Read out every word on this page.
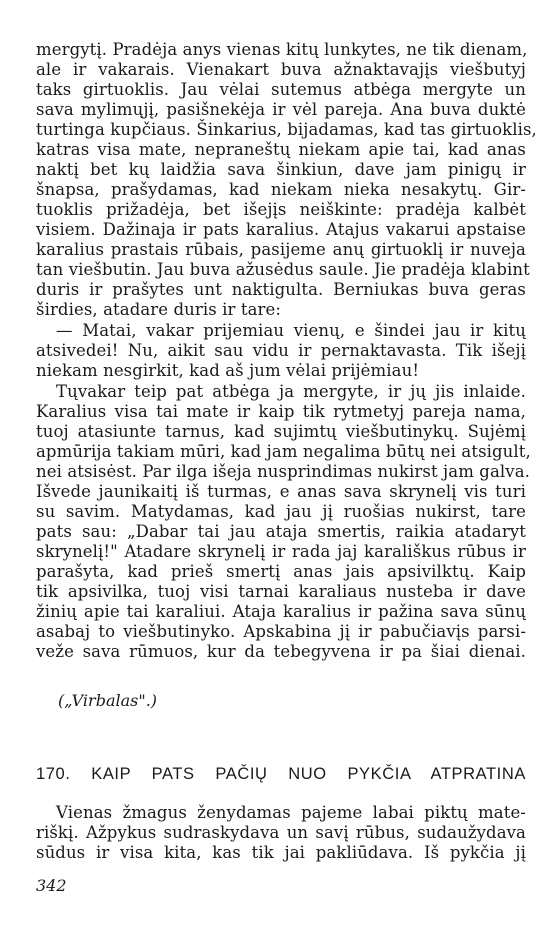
mergytį. Pradėja anys vienas kitų lunkytes, ne tik dienam,
ale ir vakarais. Vienakart buva ažnaktavajįs viešbutyj
taks girtuoklis. Jau vėlai sutemus atbėga mergyte un
sava mylimųjį, pasišnekėja ir vėl pareja. Ana buva duktė
turtinga kupčiaus. Šinkarius, bijadamas, kad tas girtuoklis,
katras visa mate, nepraneštų niekam apie tai, kad anas
naktį bet kų laidžia sava šinkiun, dave jam pinigų ir
šnapsa, prašydamas, kad niekam nieka nesakytų. Gir-
tuoklis prižadėja, bet išejįs neiškinte: pradėja kalbėt
visiem. Dažinaja ir pats karalius. Atajus vakarui apstaise
karalius prastais rūbais, pasijeme anų girtuoklį ir nuveja
tan viešbutin. Jau buva ažusėdus saule. Jie pradėja klabint
duris ir prašytes unt naktigulta. Berniukas buva geras
širdies, atadare duris ir tare:
— Matai, vakar prijemiau vienų, e šindei jau ir kitų
atsivedei! Nu, aikit sau vidu ir pernaktavasta. Tik išejį
niekam nesgirkit, kad aš jum vėlai prijėmiau!
Tųvakar teip pat atbėga ja mergyte, ir jų jis inlaide.
Karalius visa tai mate ir kaip tik rytmetyj pareja nama,
tuoj atasiunte tarnus, kad sujimtų viešbutinykų. Sujėmį
apmūrija takiam mūri, kad jam negalima būtų nei atsigult,
nei atsisėst. Par ilga išeja nusprindimas nukirst jam galva.
Išvede jaunikaitį iš turmas, e anas sava skrynelį vis turi
su savim. Matydamas, kad jau jį ruošias nukirst, tare
pats sau: „Dabar tai jau ataja smertis, raikia atadaryt
skrynelį!" Atadare skrynelį ir rada jaj karališkus rūbus ir
parašyta, kad prieš smertį anas jais apsivilktų. Kaip
tik apsivilka, tuoj visi tarnai karaliaus nusteba ir dave
žinių apie tai karaliui. Ataja karalius ir pažina sava sūnų
asabaj to viešbutinyko. Apskabina jį ir pabučiavįs parsi-
veže sava rūmuos, kur da tebegyvena ir pa šiai dienai.
(„Virbalas".)
170. KAIP PATS PAČIŲ NUO PYKČIA ATPRATINA
Vienas žmagus ženydamas pajeme labai piktų mate-
riškį. Ažpykus sudraskydava un savį rūbus, sudaužydava
sūdus ir visa kita, kas tik jai pakliūdava. Iš pykčia jį
342
